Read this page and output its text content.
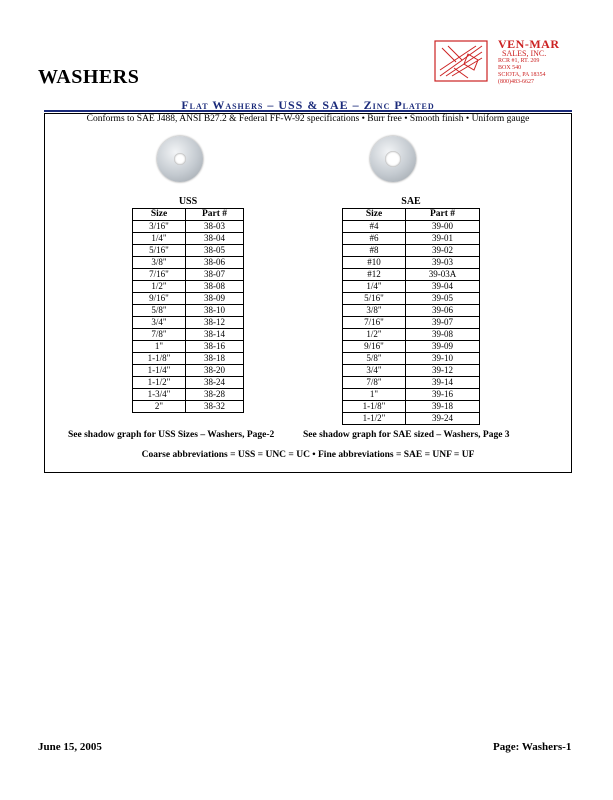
VEN-MAR
SALES, INC.
RCR #1, RT. 209
BOX 540
SCIOTA, PA 18354
(800)483-6627
WASHERS
Flat Washers – USS & SAE – Zinc Plated
Conforms to SAE J488, ANSI B27.2 & Federal FF-W-92 specifications • Burr free • Smooth finish • Uniform gauge
USS	SAE
Size	Part #
3/16"	38-03
1/4"	38-04
5/16"	38-05
3/8"	38-06
7/16"	38-07
1/2"	38-08
9/16"	38-09
5/8"	38-10
3/4"	38-12
7/8"	38-14
1"	38-16
1-1/8"	38-18
1-1/4"	38-20
1-1/2"	38-24
1-3/4"	38-28
2"	38-32
Size	Part #
#4	39-00
#6	39-01
#8	39-02
#10	39-03
#12	39-03A
1/4"	39-04
5/16"	39-05
3/8"	39-06
7/16"	39-07
1/2"	39-08
9/16"	39-09
5/8"	39-10
3/4"	39-12
7/8"	39-14
1"	39-16
1-1/8"	39-18
1-1/2"	39-24
See shadow graph for USS Sizes – Washers, Page-2	See shadow graph for SAE sized – Washers, Page 3
Coarse abbreviations = USS = UNC = UC • Fine abbreviations = SAE = UNF = UF
June 15, 2005	Page: Washers-1
